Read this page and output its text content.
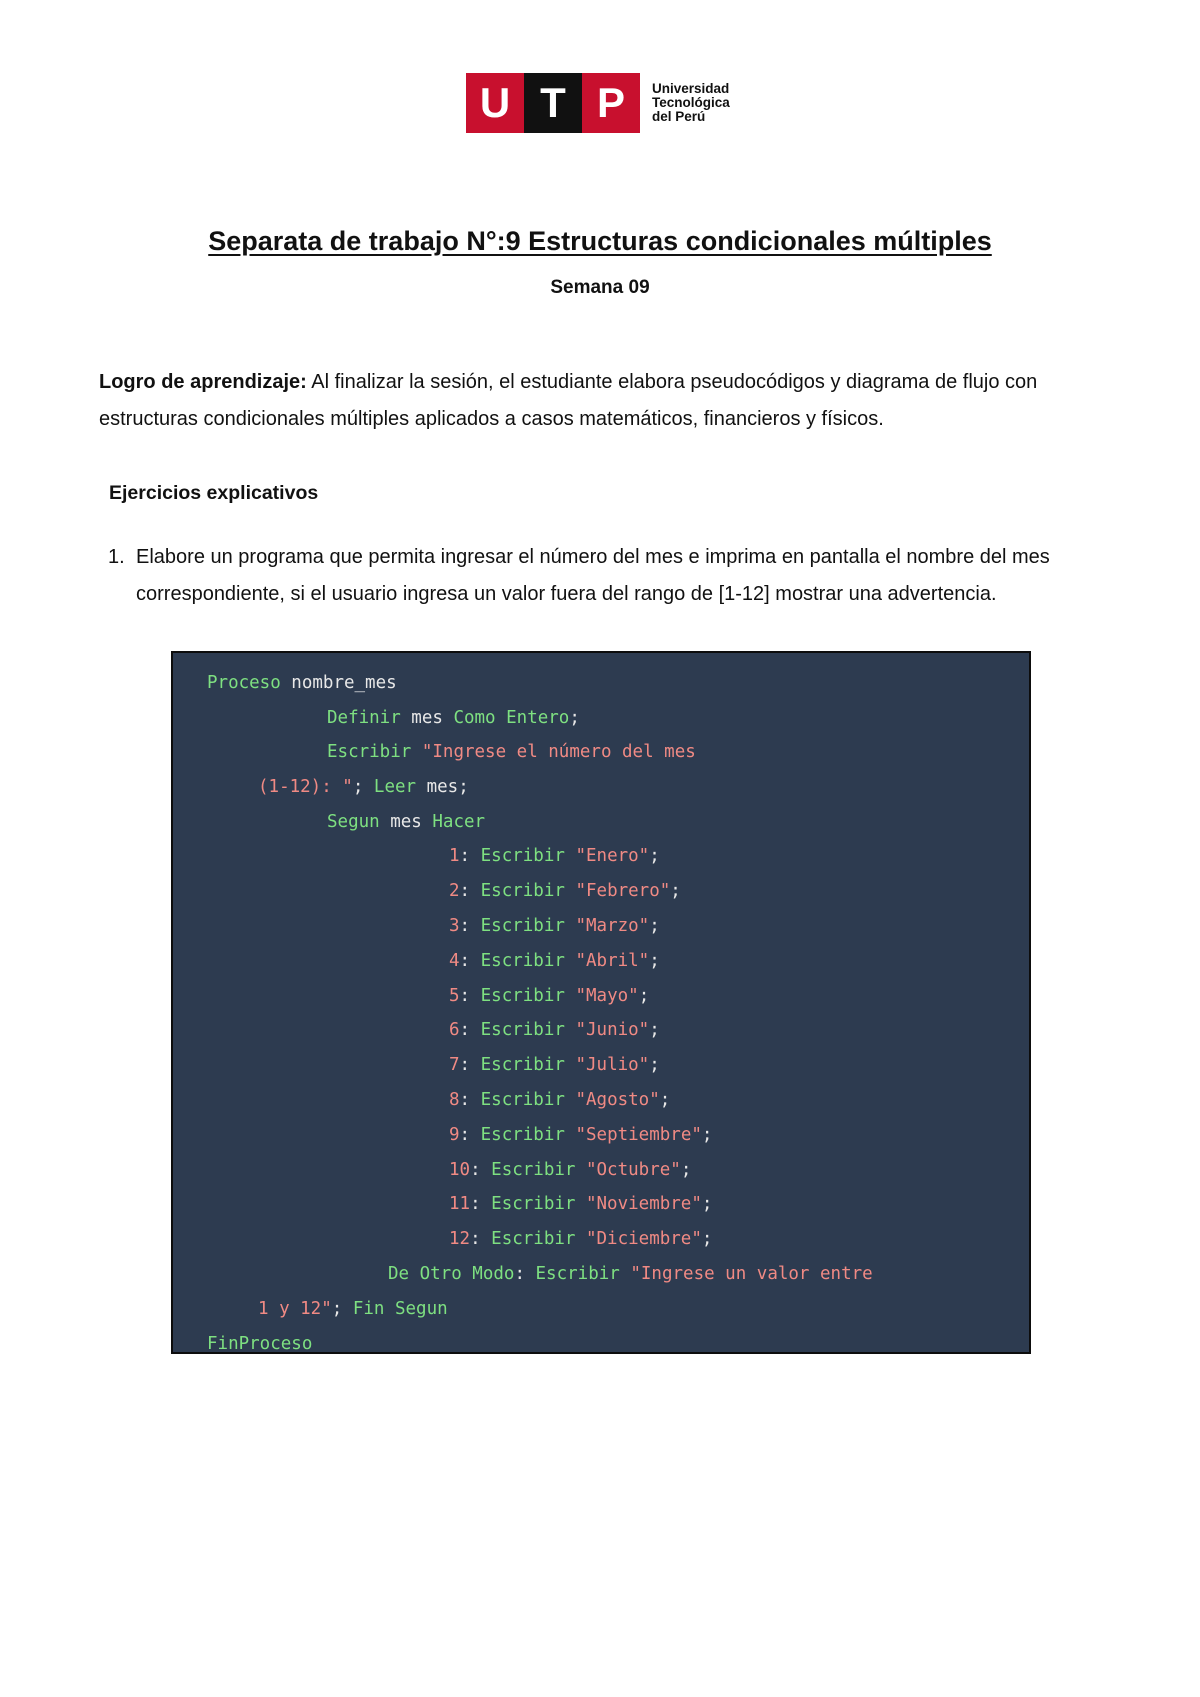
U T P	Universidad
Tecnológica
del Perú
Separata de trabajo N°:9 Estructuras condicionales múltiples
Semana 09
Logro de aprendizaje: Al finalizar la sesión, el estudiante elabora pseudocódigos y diagrama de flujo con estructuras condicionales múltiples aplicados a casos matemáticos, financieros y físicos.
Ejercicios explicativos
1. Elabore un programa que permita ingresar el número del mes e imprima en pantalla el nombre del mes correspondiente, si el usuario ingresa un valor fuera del rango de [1-12] mostrar una advertencia.
Proceso nombre_mes
Definir mes Como Entero;
Escribir "Ingrese el número del mes
(1-12): "; Leer mes;
Segun mes Hacer
1: Escribir "Enero";
2: Escribir "Febrero";
3: Escribir "Marzo";
4: Escribir "Abril";
5: Escribir "Mayo";
6: Escribir "Junio";
7: Escribir "Julio";
8: Escribir "Agosto";
9: Escribir "Septiembre";
10: Escribir "Octubre";
11: Escribir "Noviembre";
12: Escribir "Diciembre";
De Otro Modo: Escribir "Ingrese un valor entre
1 y 12"; Fin Segun
FinProceso
